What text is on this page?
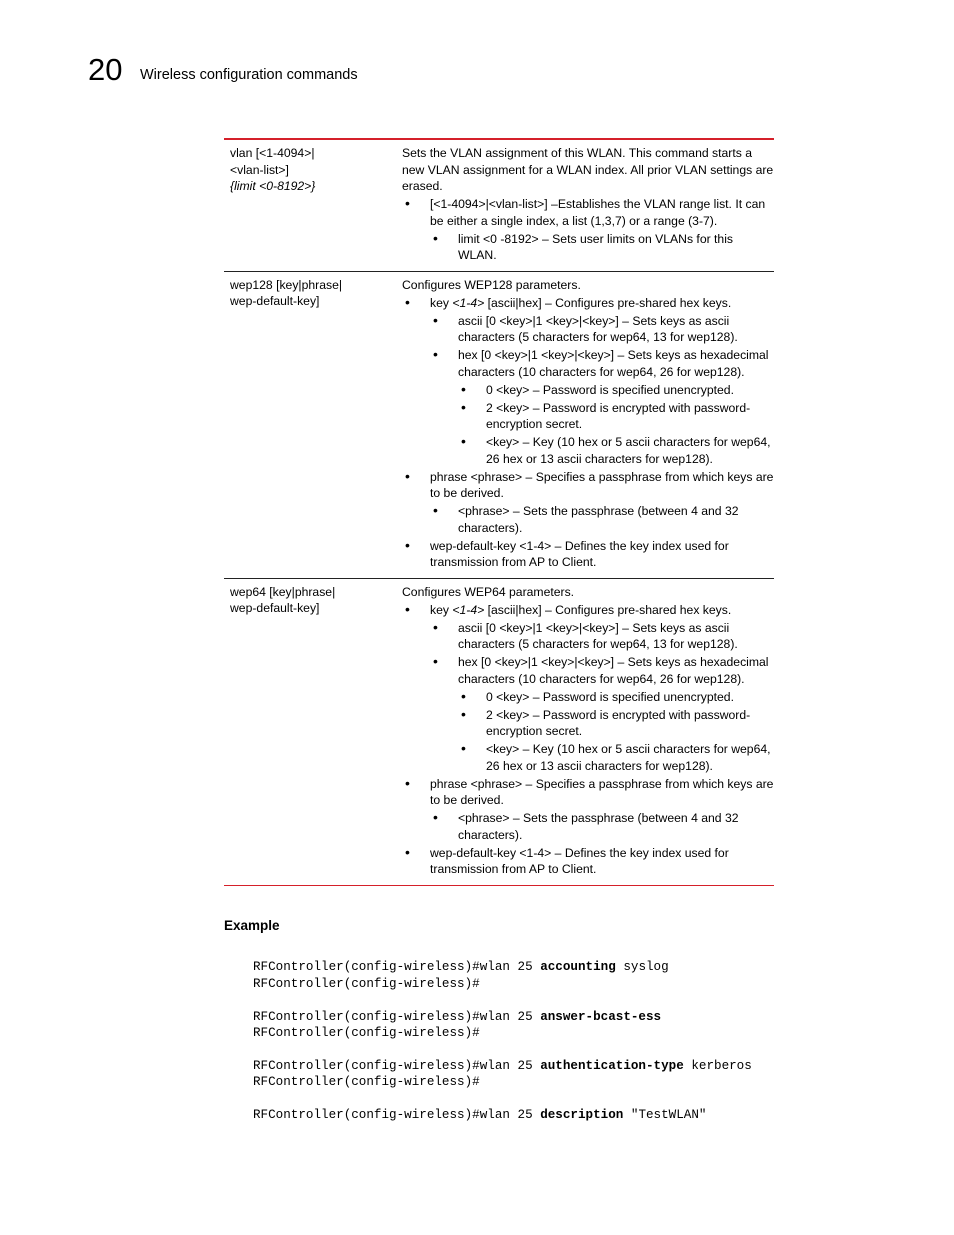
20 Wireless configuration commands
vlan [<1-4094>|
<vlan-list>]
{limit <0-8192>}
Sets the VLAN assignment of this WLAN. This command starts a new VLAN assignment for a WLAN index. All prior VLAN settings are erased.
• [<1-4094>|<vlan-list>] –Establishes the VLAN range list. It can be either a single index, a list (1,3,7) or a range (3-7).
• limit <0 -8192> – Sets user limits on VLANs for this WLAN.
wep128 [key|phrase|
wep-default-key]
Configures WEP128 parameters.
• key <1-4> [ascii|hex] – Configures pre-shared hex keys.
• ascii [0 <key>|1 <key>|<key>] – Sets keys as ascii characters (5 characters for wep64, 13 for wep128).
• hex [0 <key>|1 <key>|<key>] – Sets keys as hexadecimal characters (10 characters for wep64, 26 for wep128).
• 0 <key> – Password is specified unencrypted.
• 2 <key> – Password is encrypted with password-encryption secret.
• <key> – Key (10 hex or 5 ascii characters for wep64, 26 hex or 13 ascii characters for wep128).
• phrase <phrase> – Specifies a passphrase from which keys are to be derived.
• <phrase> – Sets the passphrase (between 4 and 32 characters).
• wep-default-key <1-4> – Defines the key index used for transmission from AP to Client.
wep64 [key|phrase|
wep-default-key]
Configures WEP64 parameters.
• key <1-4> [ascii|hex] – Configures pre-shared hex keys.
• ascii [0 <key>|1 <key>|<key>] – Sets keys as ascii characters (5 characters for wep64, 13 for wep128).
• hex [0 <key>|1 <key>|<key>] – Sets keys as hexadecimal characters (10 characters for wep64, 26 for wep128).
• 0 <key> – Password is specified unencrypted.
• 2 <key> – Password is encrypted with password-encryption secret.
• <key> – Key (10 hex or 5 ascii characters for wep64, 26 hex or 13 ascii characters for wep128).
• phrase <phrase> – Specifies a passphrase from which keys are to be derived.
• <phrase> – Sets the passphrase (between 4 and 32 characters).
• wep-default-key <1-4> – Defines the key index used for transmission from AP to Client.
Example

RFController(config-wireless)#wlan 25 accounting syslog
RFController(config-wireless)#

RFController(config-wireless)#wlan 25 answer-bcast-ess
RFController(config-wireless)#

RFController(config-wireless)#wlan 25 authentication-type kerberos
RFController(config-wireless)#

RFController(config-wireless)#wlan 25 description "TestWLAN"
